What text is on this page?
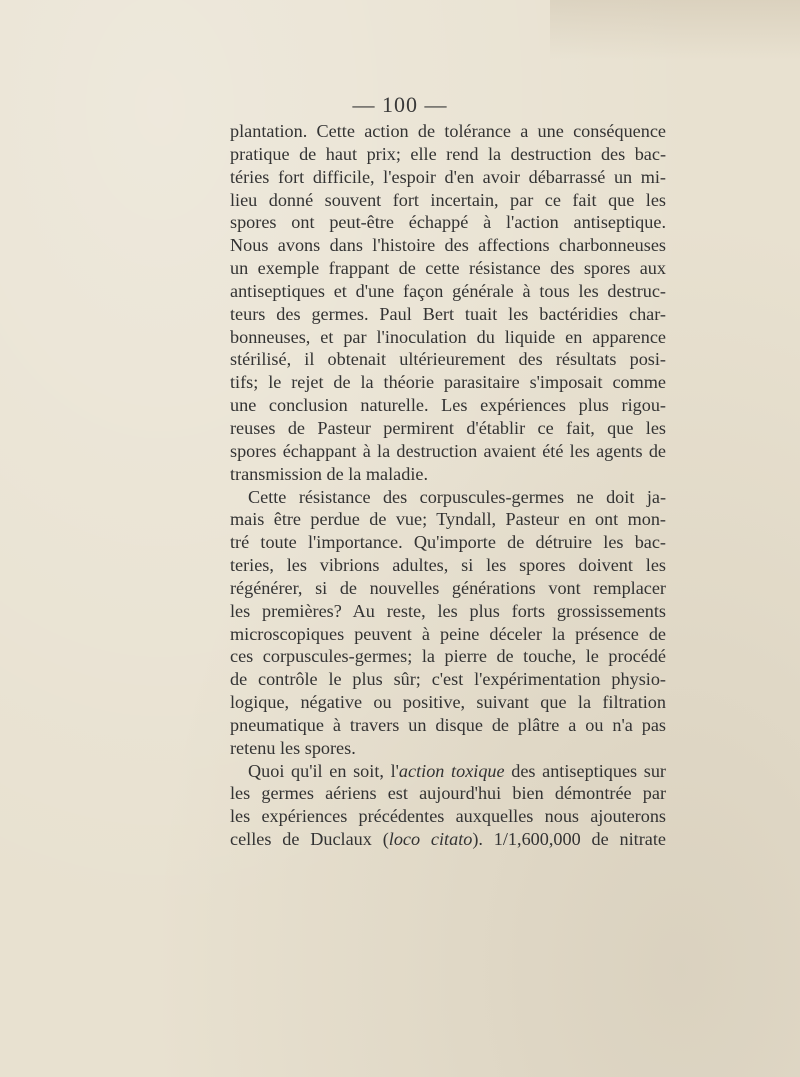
— 100 —
plantation. Cette action de tolérance a une conséquence
pratique de haut prix; elle rend la destruction des bac-
téries fort difficile, l'espoir d'en avoir débarrassé un mi-
lieu donné souvent fort incertain, par ce fait que les
spores ont peut-être échappé à l'action antiseptique.
Nous avons dans l'histoire des affections charbonneuses
un exemple frappant de cette résistance des spores aux
antiseptiques et d'une façon générale à tous les destruc-
teurs des germes. Paul Bert tuait les bactéridies char-
bonneuses, et par l'inoculation du liquide en apparence
stérilisé, il obtenait ultérieurement des résultats posi-
tifs; le rejet de la théorie parasitaire s'imposait comme
une conclusion naturelle. Les expériences plus rigou-
reuses de Pasteur permirent d'établir ce fait, que les
spores échappant à la destruction avaient été les agents de
transmission de la maladie.
Cette résistance des corpuscules-germes ne doit ja-
mais être perdue de vue; Tyndall, Pasteur en ont mon-
tré toute l'importance. Qu'importe de détruire les bac-
teries, les vibrions adultes, si les spores doivent les
régénérer, si de nouvelles générations vont remplacer
les premières? Au reste, les plus forts grossissements
microscopiques peuvent à peine déceler la présence de
ces corpuscules-germes; la pierre de touche, le procédé
de contrôle le plus sûr; c'est l'expérimentation physio-
logique, négative ou positive, suivant que la filtration
pneumatique à travers un disque de plâtre a ou n'a pas
retenu les spores.
Quoi qu'il en soit, l'action toxique des antiseptiques sur
les germes aériens est aujourd'hui bien démontrée par
les expériences précédentes auxquelles nous ajouterons
celles de Duclaux (loco citato). 1/1,600,000 de nitrate
